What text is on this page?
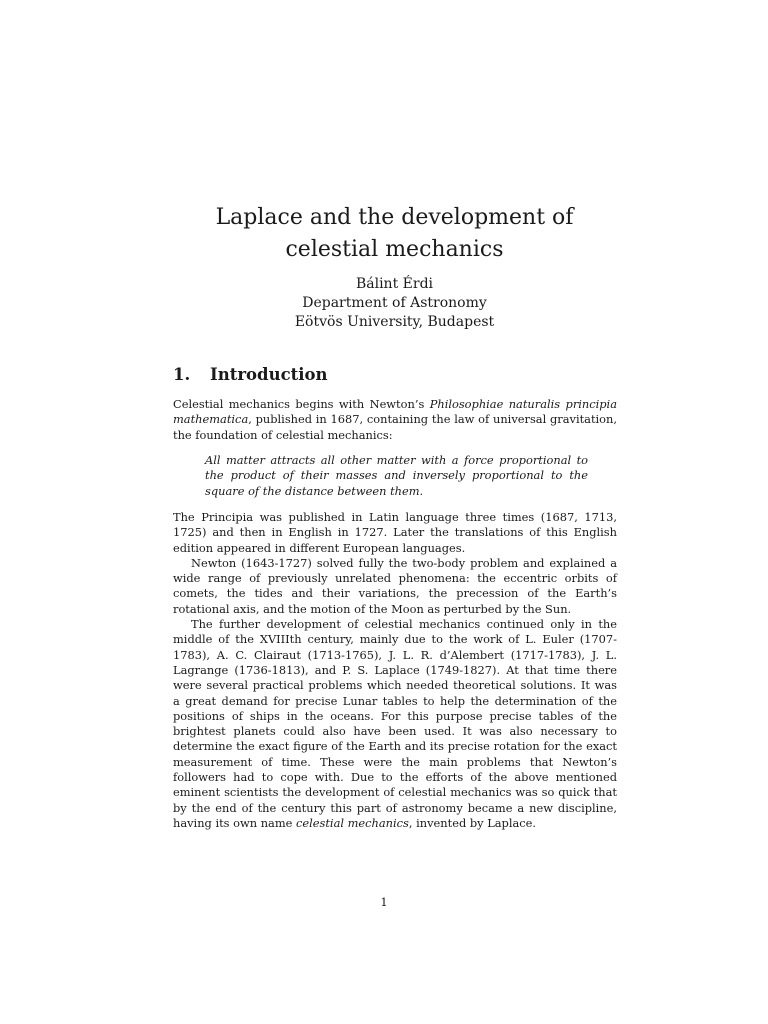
Laplace and the development of celestial mechanics
Bálint Érdi
Department of Astronomy
Eötvös University, Budapest
1. Introduction

Celestial mechanics begins with Newton’s Philosophiae naturalis principia mathematica, published in 1687, containing the law of universal gravitation, the foundation of celestial mechanics:

All matter attracts all other matter with a force proportional to the product of their masses and inversely proportional to the square of the distance between them.

The Principia was published in Latin language three times (1687, 1713, 1725) and then in English in 1727. Later the translations of this English edition appeared in different European languages.

Newton (1643-1727) solved fully the two-body problem and explained a wide range of previously unrelated phenomena: the eccentric orbits of comets, the tides and their variations, the precession of the Earth’s rotational axis, and the motion of the Moon as perturbed by the Sun.

The further development of celestial mechanics continued only in the middle of the XVIIIth century, mainly due to the work of L. Euler (1707-1783), A. C. Clairaut (1713-1765), J. L. R. d’Alembert (1717-1783), J. L. Lagrange (1736-1813), and P. S. Laplace (1749-1827). At that time there were several practical problems which needed theoretical solutions. It was a great demand for precise Lunar tables to help the determination of the positions of ships in the oceans. For this purpose precise tables of the brightest planets could also have been used. It was also necessary to determine the exact figure of the Earth and its precise rotation for the exact measurement of time. These were the main problems that Newton’s followers had to cope with. Due to the efforts of the above mentioned eminent scientists the development of celestial mechanics was so quick that by the end of the century this part of astronomy became a new discipline, having its own name celestial mechanics, invented by Laplace.

1
